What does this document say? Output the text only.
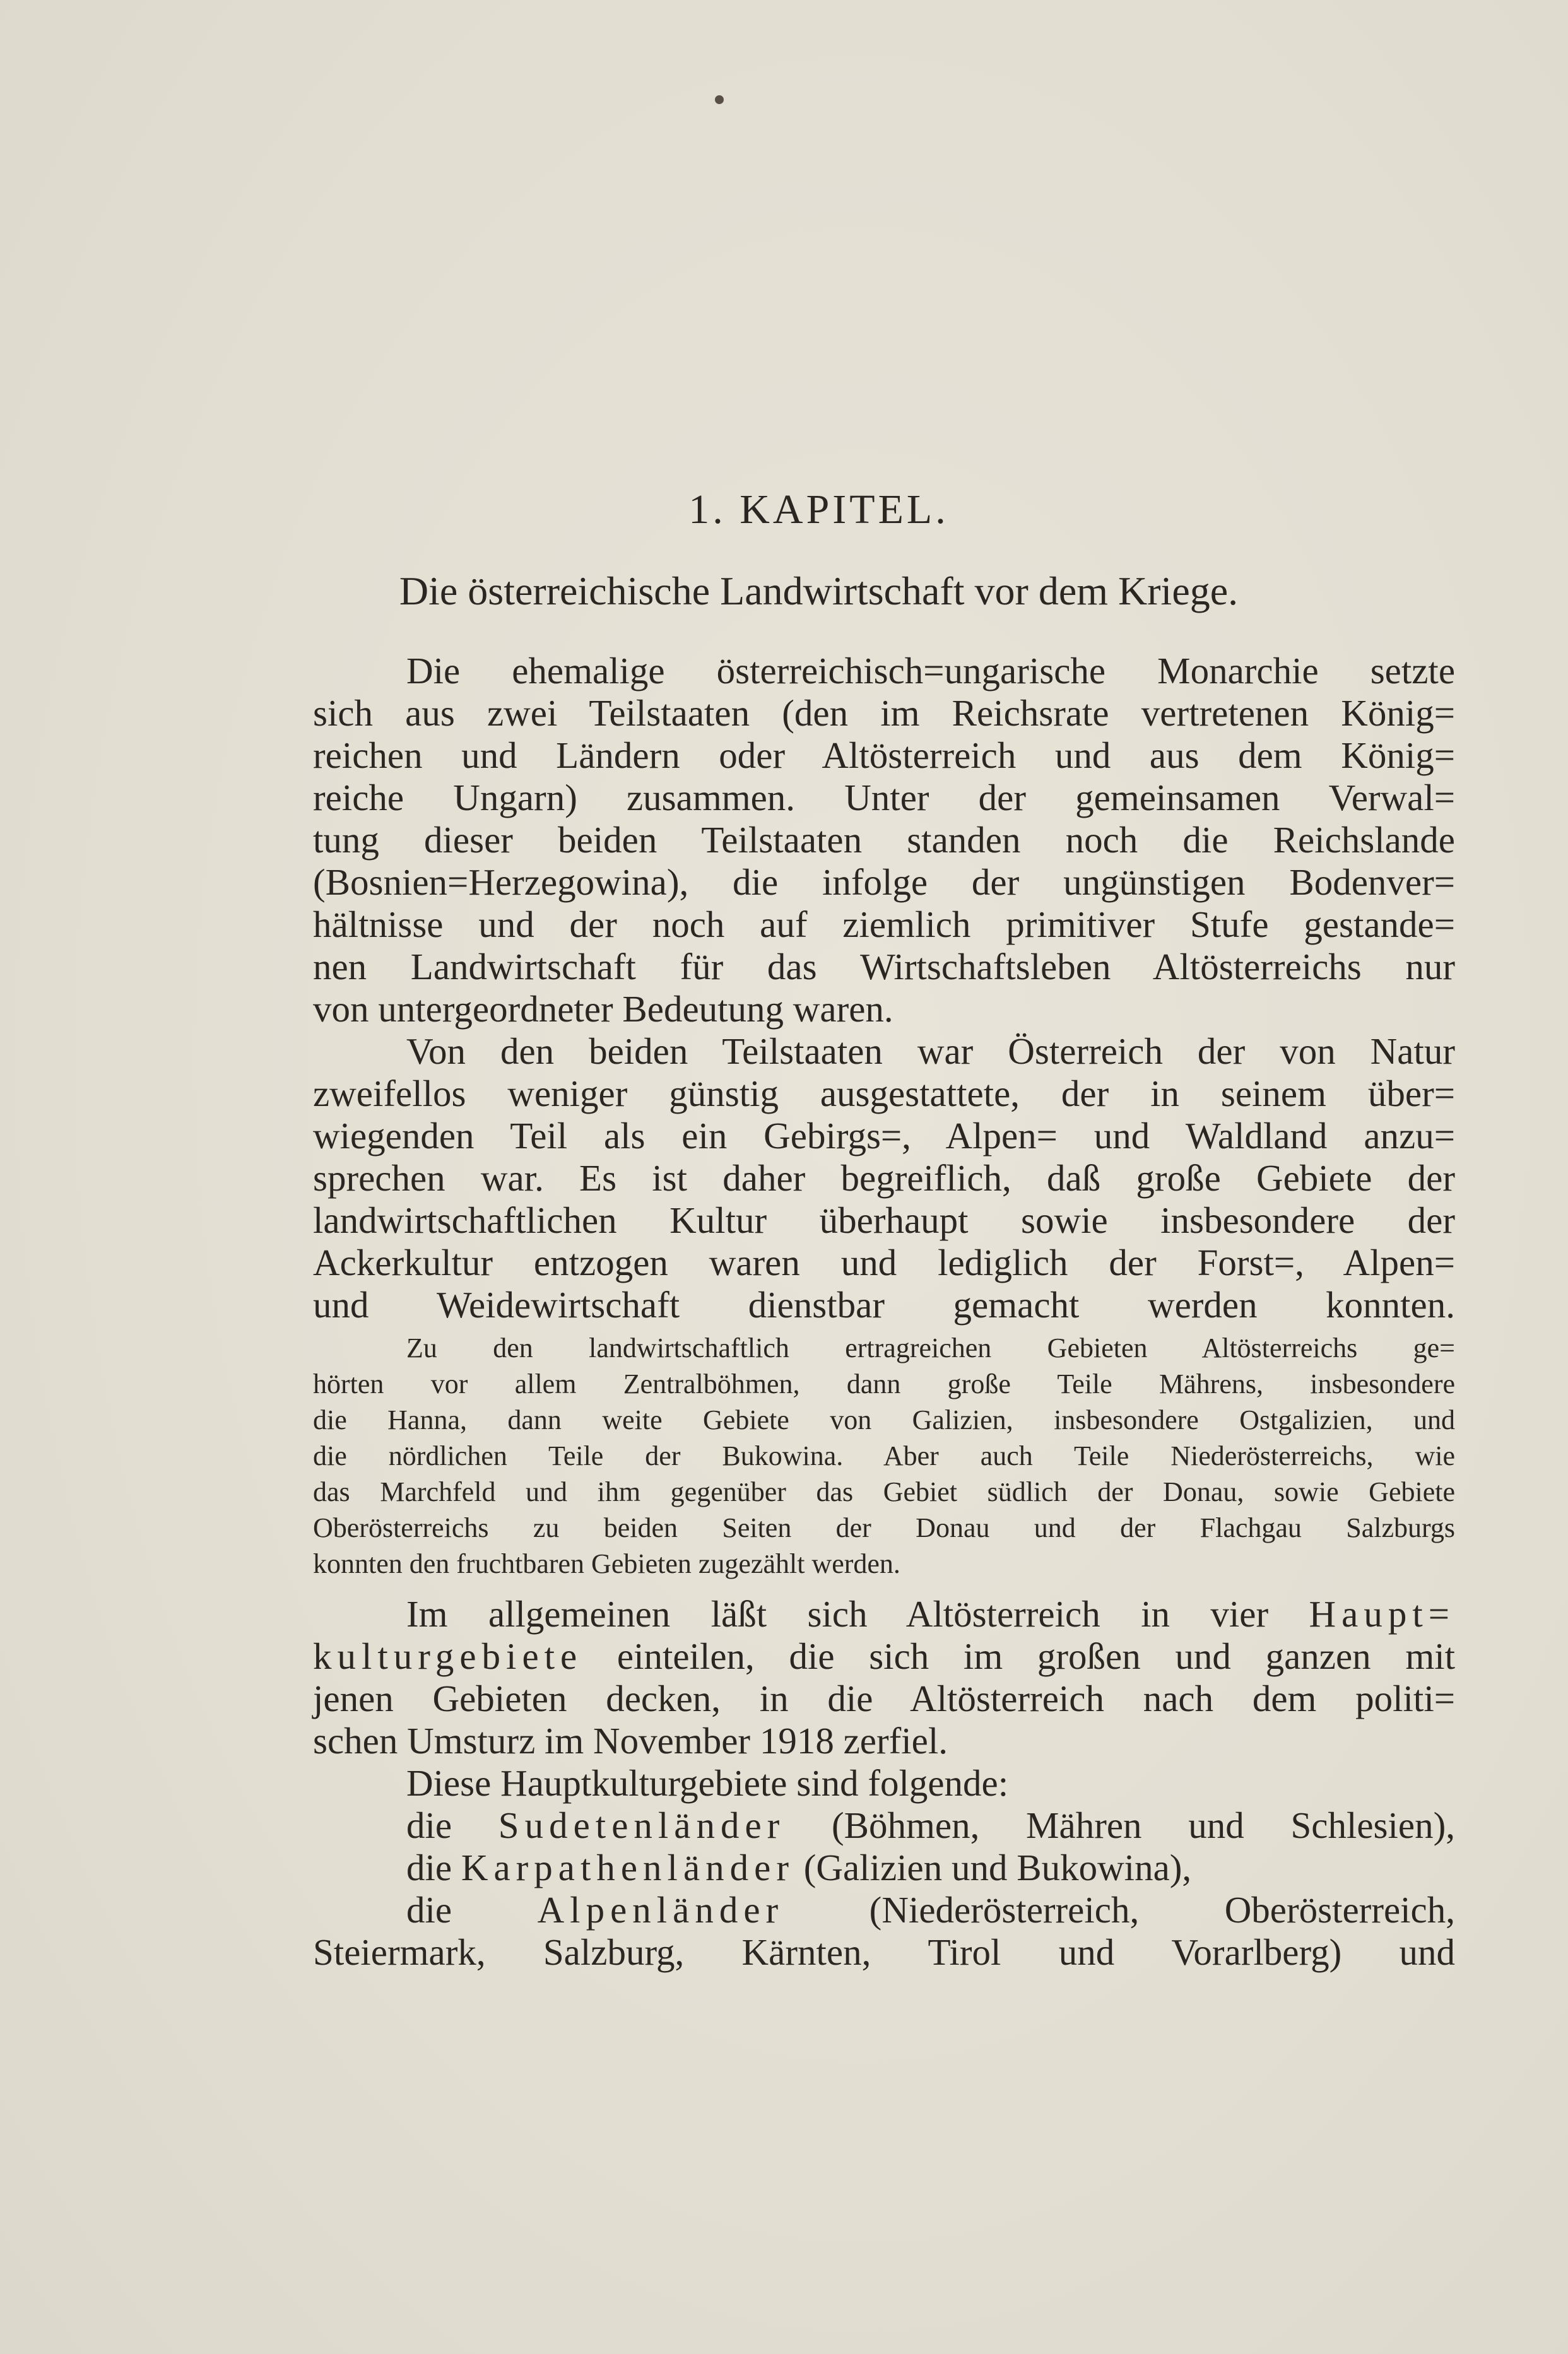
1. KAPITEL.
Die österreichische Landwirtschaft vor dem Kriege.
Die ehemalige österreichisch=ungarische Monarchie setzte
sich aus zwei Teilstaaten (den im Reichsrate vertretenen König=
reichen und Ländern oder Altösterreich und aus dem König=
reiche Ungarn) zusammen. Unter der gemeinsamen Verwal=
tung dieser beiden Teilstaaten standen noch die Reichslande
(Bosnien=Herzegowina), die infolge der ungünstigen Bodenver=
hältnisse und der noch auf ziemlich primitiver Stufe gestande=
nen Landwirtschaft für das Wirtschaftsleben Altösterreichs nur
von untergeordneter Bedeutung waren.
Von den beiden Teilstaaten war Österreich der von Natur
zweifellos weniger günstig ausgestattete, der in seinem über=
wiegenden Teil als ein Gebirgs=, Alpen= und Waldland anzu=
sprechen war. Es ist daher begreiflich, daß große Gebiete der
landwirtschaftlichen Kultur überhaupt sowie insbesondere der
Ackerkultur entzogen waren und lediglich der Forst=, Alpen=
und Weidewirtschaft dienstbar gemacht werden konnten.
Zu den landwirtschaftlich ertragreichen Gebieten Altösterreichs ge=
hörten vor allem Zentralböhmen, dann große Teile Mährens, insbesondere
die Hanna, dann weite Gebiete von Galizien, insbesondere Ostgalizien, und
die nördlichen Teile der Bukowina. Aber auch Teile Niederösterreichs, wie
das Marchfeld und ihm gegenüber das Gebiet südlich der Donau, sowie Gebiete
Oberösterreichs zu beiden Seiten der Donau und der Flachgau Salzburgs
konnten den fruchtbaren Gebieten zugezählt werden.
Im allgemeinen läßt sich Altösterreich in vier Haupt=
kulturgebiete einteilen, die sich im großen und ganzen mit
jenen Gebieten decken, in die Altösterreich nach dem politi=
schen Umsturz im November 1918 zerfiel.
Diese Hauptkulturgebiete sind folgende:
die Sudetenländer (Böhmen, Mähren und Schlesien),
die Karpathenländer (Galizien und Bukowina),
die Alpenländer (Niederösterreich, Oberösterreich,
Steiermark, Salzburg, Kärnten, Tirol und Vorarlberg) und
